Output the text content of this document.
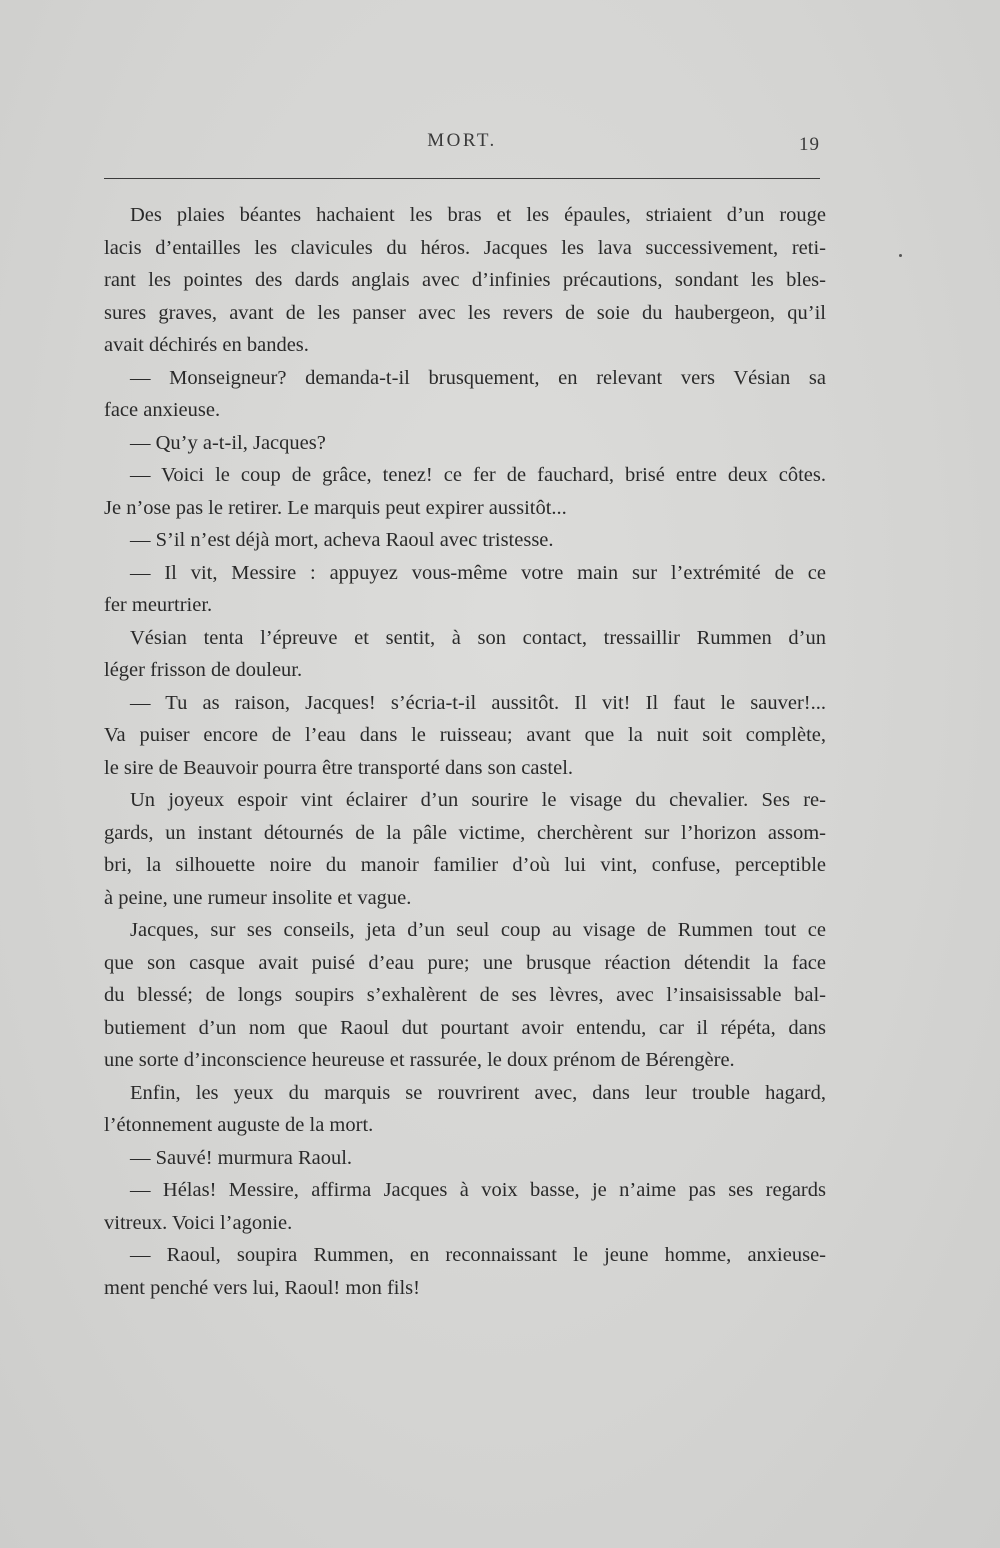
MORT.	19
Des plaies béantes hachaient les bras et les épaules, striaient d’un rouge
lacis d’entailles les clavicules du héros. Jacques les lava successivement, reti-
rant les pointes des dards anglais avec d’infinies précautions, sondant les bles-
sures graves, avant de les panser avec les revers de soie du haubergeon, qu’il
avait déchirés en bandes.
— Monseigneur? demanda-t-il brusquement, en relevant vers Vésian sa
face anxieuse.
— Qu’y a-t-il, Jacques?
— Voici le coup de grâce, tenez! ce fer de fauchard, brisé entre deux côtes.
Je n’ose pas le retirer. Le marquis peut expirer aussitôt...
— S’il n’est déjà mort, acheva Raoul avec tristesse.
— Il vit, Messire : appuyez vous-même votre main sur l’extrémité de ce
fer meurtrier.
Vésian tenta l’épreuve et sentit, à son contact, tressaillir Rummen d’un
léger frisson de douleur.
— Tu as raison, Jacques! s’écria-t-il aussitôt. Il vit! Il faut le sauver!...
Va puiser encore de l’eau dans le ruisseau; avant que la nuit soit complète,
le sire de Beauvoir pourra être transporté dans son castel.
Un joyeux espoir vint éclairer d’un sourire le visage du chevalier. Ses re-
gards, un instant détournés de la pâle victime, cherchèrent sur l’horizon assom-
bri, la silhouette noire du manoir familier d’où lui vint, confuse, perceptible
à peine, une rumeur insolite et vague.
Jacques, sur ses conseils, jeta d’un seul coup au visage de Rummen tout ce
que son casque avait puisé d’eau pure; une brusque réaction détendit la face
du blessé; de longs soupirs s’exhalèrent de ses lèvres, avec l’insaisissable bal-
butiement d’un nom que Raoul dut pourtant avoir entendu, car il répéta, dans
une sorte d’inconscience heureuse et rassurée, le doux prénom de Bérengère.
Enfin, les yeux du marquis se rouvrirent avec, dans leur trouble hagard,
l’étonnement auguste de la mort.
— Sauvé! murmura Raoul.
— Hélas! Messire, affirma Jacques à voix basse, je n’aime pas ses regards
vitreux. Voici l’agonie.
— Raoul, soupira Rummen, en reconnaissant le jeune homme, anxieuse-
ment penché vers lui, Raoul! mon fils!
